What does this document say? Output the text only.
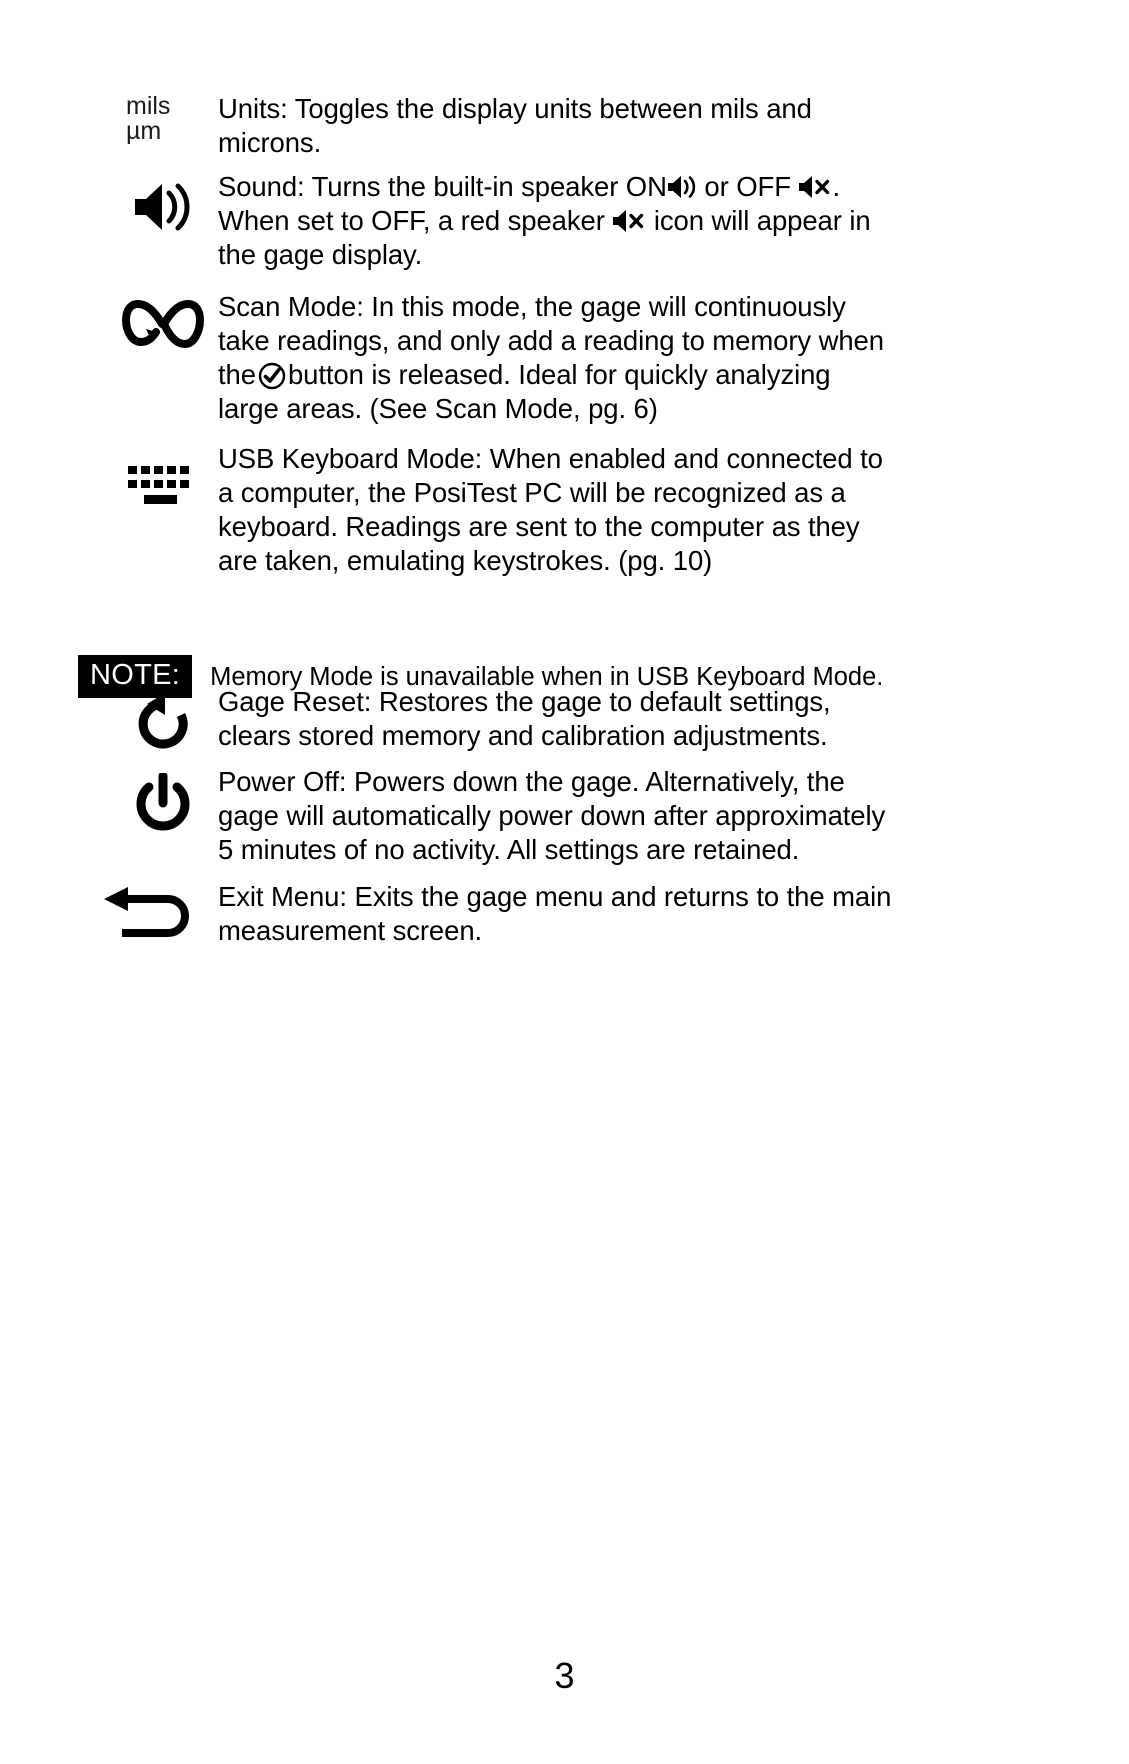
mils
µm

Units: Toggles the display units between mils and

microns.

Sound: Turns the built-in speaker ON or OFF .

When set to OFF, a red speaker icon will appear in

the gage display.

Scan Mode: In this mode, the gage will continuously

take readings, and only add a reading to memory when

the button is released. Ideal for quickly analyzing

large areas. (See Scan Mode, pg. 6)

USB Keyboard Mode: When enabled and connected to

a computer, the PosiTest PC will be recognized as a

keyboard. Readings are sent to the computer as they

are taken, emulating keystrokes. (pg. 10)

NOTE:	Memory Mode is unavailable when in USB Keyboard Mode.

Gage Reset: Restores the gage to default settings,

clears stored memory and calibration adjustments.

Power Off: Powers down the gage. Alternatively, the

gage will automatically power down after approximately

5 minutes of no activity. All settings are retained.

Exit Menu: Exits the gage menu and returns to the main

measurement screen.

3
